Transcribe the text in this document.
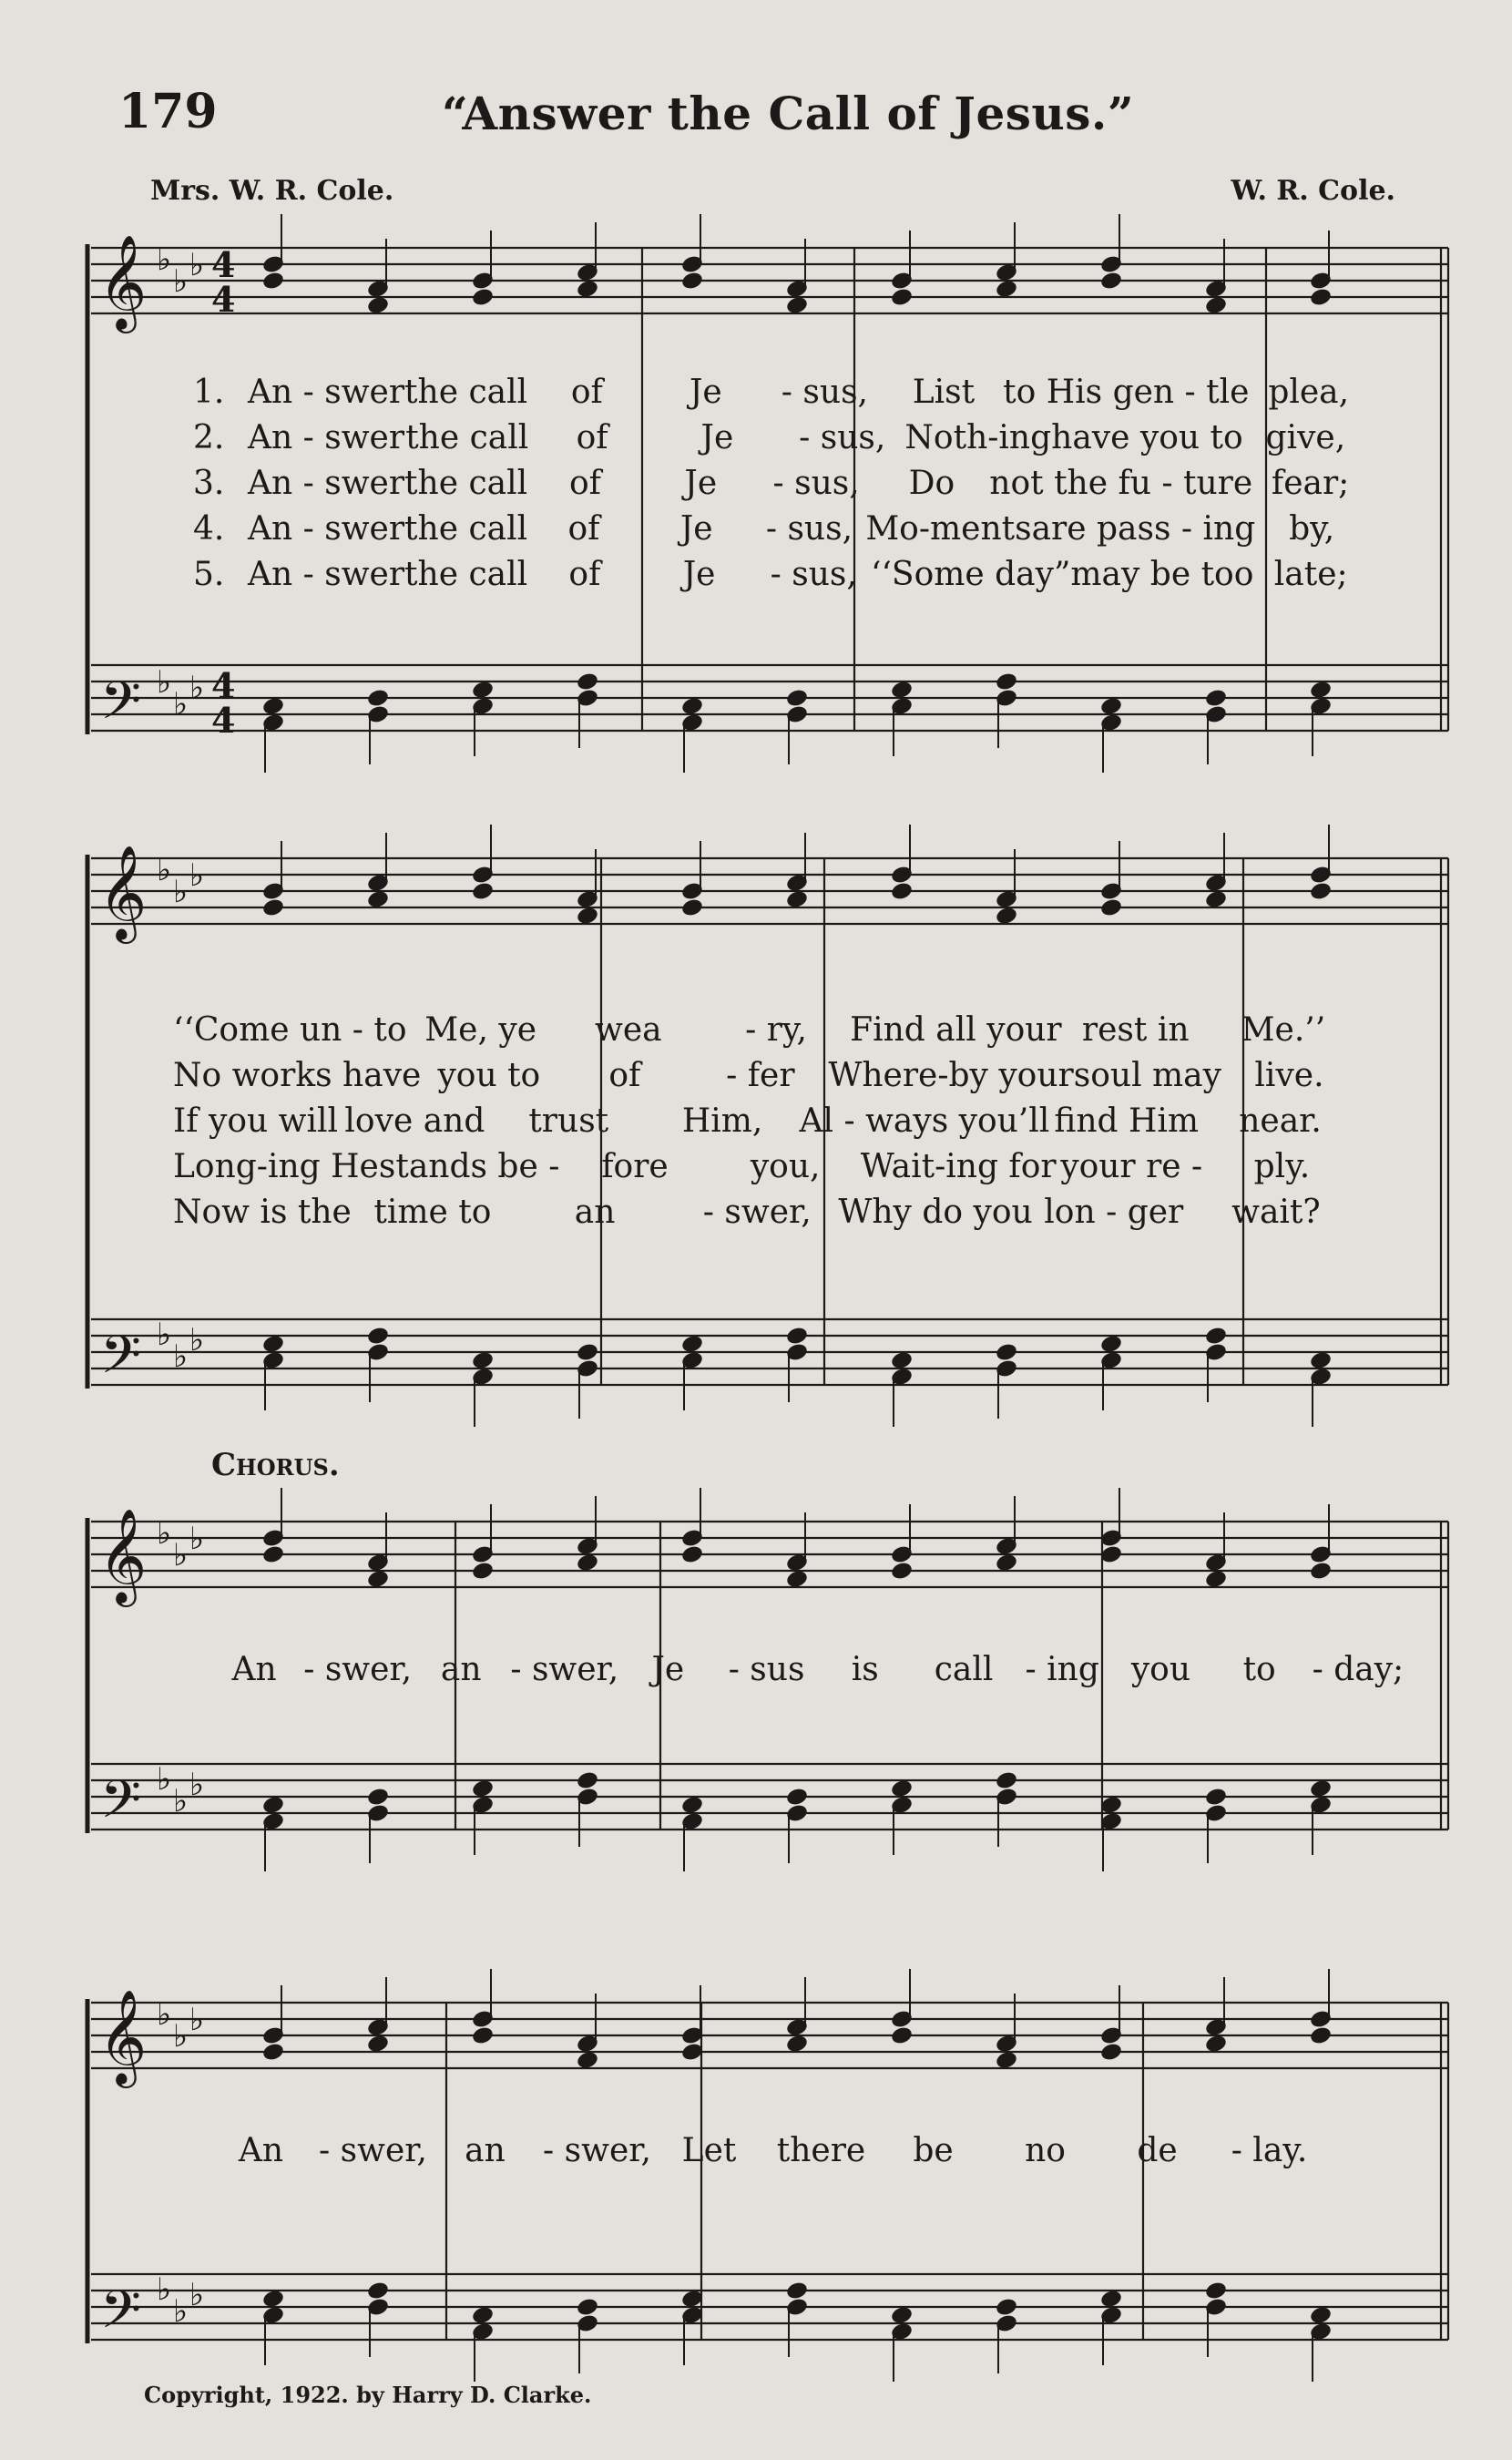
179	“Answer the Call of Jesus.”
Mrs. W. R. Cole.	W. R. Cole.
𝄞
𝄢
𝄞
𝄢
𝄞
𝄢
𝄞
𝄢
♭
♭ ♭
♭
♭ ♭
♭
♭ ♭
♭
♭ ♭
♭
♭ ♭
♭
♭ ♭
♭
♭ ♭
♭
♭ ♭
4
4
4
4
1. An - swer the call	of	Je	- sus,	List to His gen - tle plea,
2. An - swer the call	of	Je	- sus, Noth-ing have you to give,
3. An - swer the call	of	Je	- sus,	Do	not the fu - ture fear;
4. An - swer the call	of	Je	- sus, Mo-ments are pass - ing	by,
5. An - swer the call	of	Je	- sus, ‘‘Some day” may be too late;
‘‘Come un - to Me, ye	wea	- ry,	Find all your rest in	Me.’’
No works have you to	of	- fer	Where-by your soul may	live.
If you will love and	trust	Him,	Al - ways you’ll find Him	near.
Long-ing He stands be -	fore	you,	Wait-ing for your re -	ply.
Now is the time to	an	- swer, Why do you lon - ger	wait?
Chorus.
An - swer, an - swer,	Je	- sus	is	call - ing you	to	- day;
An	- swer,	an	- swer, Let	there	be	no	de	- lay.
Copyright, 1922. by Harry D. Clarke.
